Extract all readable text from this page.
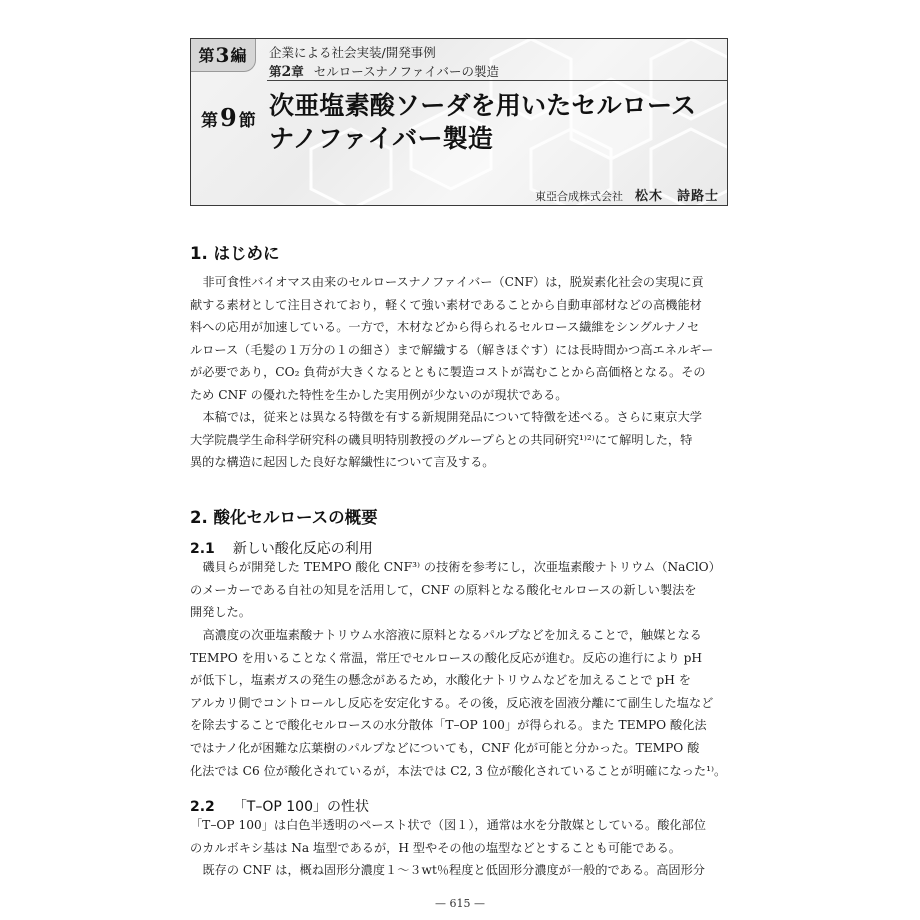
第 3 編 企業による社会実装/開発事例
第2章 セルロースナノファイバーの製造
第9 節
次亜塩素酸ソーダを用いたセルロース
ナノファイバー製造
東亞合成株式会社 松木　詩路士
1. はじめに
非可食性バイオマス由来のセルロースナノファイバー（CNF）は，脱炭素化社会の実現に貢
献する素材として注目されており，軽くて強い素材であることから自動車部材などの高機能材
料への応用が加速している。一方で，木材などから得られるセルロース繊維をシングルナノセ
ルロース（毛髪の１万分の１の細さ）まで解繊する（解きほぐす）には長時間かつ高エネルギー
が必要であり，CO₂ 負荷が大きくなるとともに製造コストが嵩むことから高価格となる。その
ため CNF の優れた特性を生かした実用例が少ないのが現状である。
本稿では，従来とは異なる特徴を有する新規開発品について特徴を述べる。さらに東京大学
大学院農学生命科学研究科の磯貝明特別教授のグループらとの共同研究¹⁾²⁾にて解明した，特
異的な構造に起因した良好な解繊性について言及する。
2. 酸化セルロースの概要
2.1 新しい酸化反応の利用
磯貝らが開発した TEMPO 酸化 CNF³⁾ の技術を参考にし，次亜塩素酸ナトリウム（NaClO）
のメーカーである自社の知見を活用して，CNF の原料となる酸化セルロースの新しい製法を
開発した。
高濃度の次亜塩素酸ナトリウム水溶液に原料となるパルプなどを加えることで，触媒となる
TEMPO を用いることなく常温，常圧でセルロースの酸化反応が進む。反応の進行により pH
が低下し，塩素ガスの発生の懸念があるため，水酸化ナトリウムなどを加えることで pH を
アルカリ側でコントロールし反応を安定化する。その後，反応液を固液分離にて副生した塩など
を除去することで酸化セルロースの水分散体「T–OP 100」が得られる。また TEMPO 酸化法
ではナノ化が困難な広葉樹のパルプなどについても，CNF 化が可能と分かった。TEMPO 酸
化法では C6 位が酸化されているが，本法では C2, 3 位が酸化されていることが明確になった¹⁾。
2.2 「T–OP 100」の性状
「T–OP 100」は白色半透明のペースト状で（図１），通常は水を分散媒としている。酸化部位
のカルボキシ基は Na 塩型であるが，H 型やその他の塩型などとすることも可能である。
既存の CNF は，概ね固形分濃度１～３wt％程度と低固形分濃度が一般的である。高固形分
— 615 —
